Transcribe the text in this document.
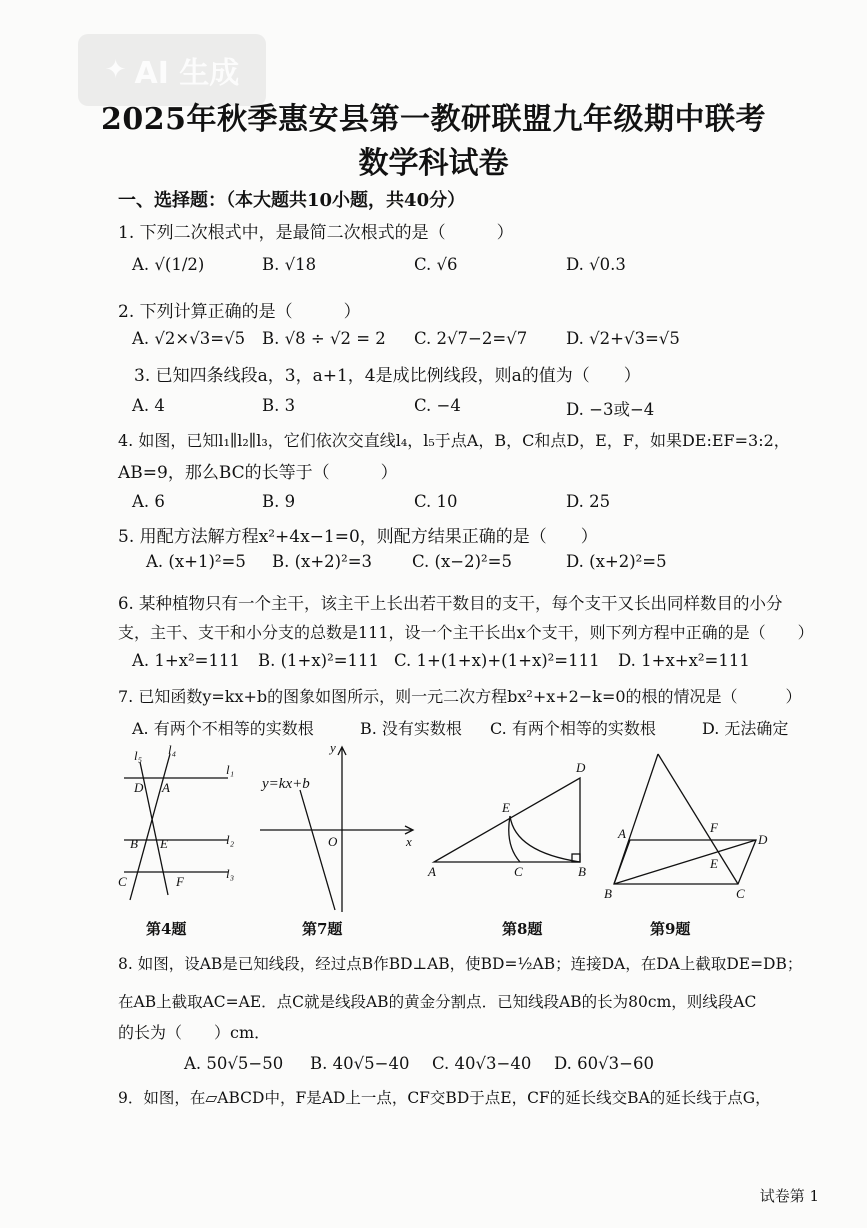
✦ AI 生成
2025年秋季惠安县第一教研联盟九年级期中联考
数学科试卷
一、选择题：（本大题共10小题，共40分）
1. 下列二次根式中，是最简二次根式的是（　　　）
A. √(1/2)	B. √18	C. √6	D. √0.3
2. 下列计算正确的是（　　　）
A. √2×√3=√5 B. √8 ÷ √2 = 2 C. 2√7−2=√7 D. √2+√3=√5
3. 已知四条线段a，3，a+1，4是成比例线段，则a的值为（　　）
A. 4	B. 3	C. −4	D. −3或−4
4. 如图，已知l₁∥l₂∥l₃，它们依次交直线l₄，l₅于点A，B，C和点D，E，F，如果DE:EF=3:2，
AB=9，那么BC的长等于（　　　）
A. 6	B. 9	C. 10	D. 25
5. 用配方法解方程x²+4x−1=0，则配方结果正确的是（　　）
A. (x+1)²=5 B. (x+2)²=3 C. (x−2)²=5	D. (x+2)²=5
6. 某种植物只有一个主干，该主干上长出若干数目的支干，每个支干又长出同样数目的小分
支，主干、支干和小分支的总数是111，设一个主干长出x个支干，则下列方程中正确的是（　　）
A. 1+x²=111 B. (1+x)²=111 C. 1+(1+x)+(1+x)²=111 D. 1+x+x²=111
7. 已知函数y=kx+b的图象如图所示，则一元二次方程bx²+x+2−k=0的根的情况是（　　　）
A. 有两个不相等的实数根	B. 没有实数根 C. 有两个相等的实数根	D. 无法确定
l₅ l₄
l₁
l₂
l₃
D A
B E
C	F
y
y=kx+b
O	x
D
E
A	C	B
A	F
D
E
B	C
第4题	第7题	第8题	第9题
8. 如图，设AB是已知线段，经过点B作BD⊥AB，使BD=½AB；连接DA，在DA上截取DE=DB；
在AB上截取AC=AE．点C就是线段AB的黄金分割点．已知线段AB的长为80cm，则线段AC
的长为（　　）cm．
A. 50√5−50 B. 40√5−40 C. 40√3−40 D. 60√3−60
9．如图，在▱ABCD中，F是AD上一点，CF交BD于点E，CF的延长线交BA的延长线于点G，
试卷第 1
